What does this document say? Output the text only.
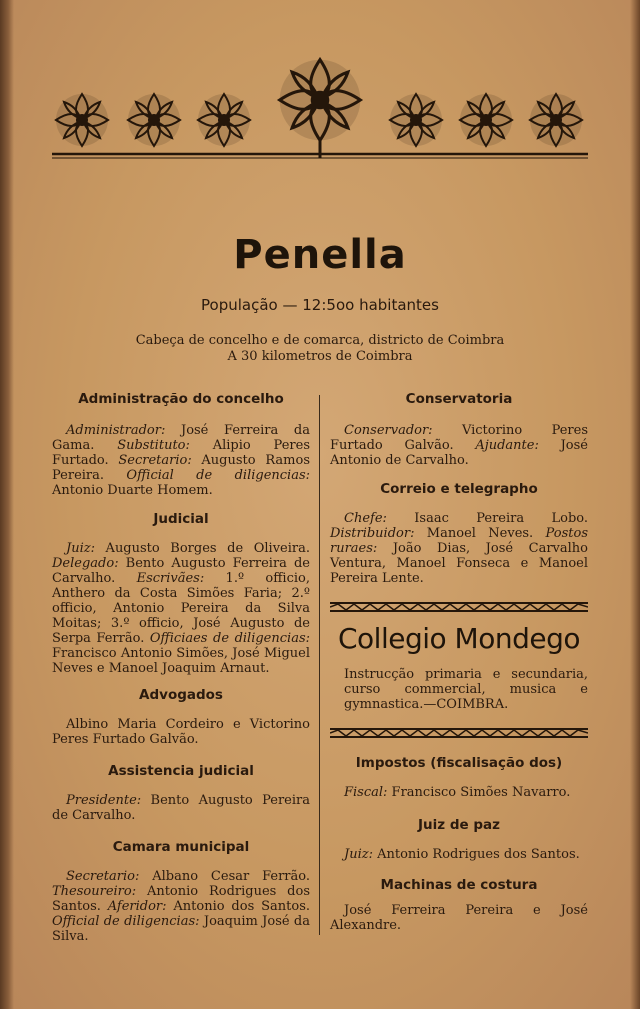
Penella
População — 12:5oo habitantes
Cabeça de concelho e de comarca, districto de Coimbra
A 30 kilometros de Coimbra
Administração do concelho

Administrador: José Ferreira da Gama. Substituto: Alipio Peres Furtado. Secretario: Augusto Ramos Pereira. Official de diligencias: Antonio Duarte Homem.

Judicial

Juiz: Augusto Borges de Oliveira. Delegado: Bento Augusto Ferreira de Carvalho. Escrivães: 1.º officio, Anthero da Costa Simões Faria; 2.º officio, Antonio Pereira da Silva Moitas; 3.º officio, José Augusto de Serpa Ferrão. Officiaes de diligencias: Francisco Antonio Simões, José Miguel Neves e Manoel Joaquim Arnaut.

Advogados

Albino Maria Cordeiro e Victorino Peres Furtado Galvão.

Assistencia judicial

Presidente: Bento Augusto Pereira de Carvalho.

Camara municipal

Secretario: Albano Cesar Ferrão. Thesoureiro: Antonio Rodrigues dos Santos. Aferidor: Antonio dos Santos. Official de diligencias: Joaquim José da Silva.

Conservatoria

Conservador: Victorino Peres Furtado Galvão. Ajudante: José Antonio de Carvalho.

Correio e telegrapho

Chefe: Isaac Pereira Lobo. Distribuidor: Manoel Neves. Postos ruraes: João Dias, José Carvalho Ventura, Manoel Fonseca e Manoel Pereira Lente.

Collegio Mondego
Instrucção primaria e secundaria, curso commercial, musica e gymnastica.—COIMBRA.
Impostos (fiscalisação dos)

Fiscal: Francisco Simões Navarro.

Juiz de paz

Juiz: Antonio Rodrigues dos Santos.

Machinas de costura

José Ferreira Pereira e José Alexandre.
